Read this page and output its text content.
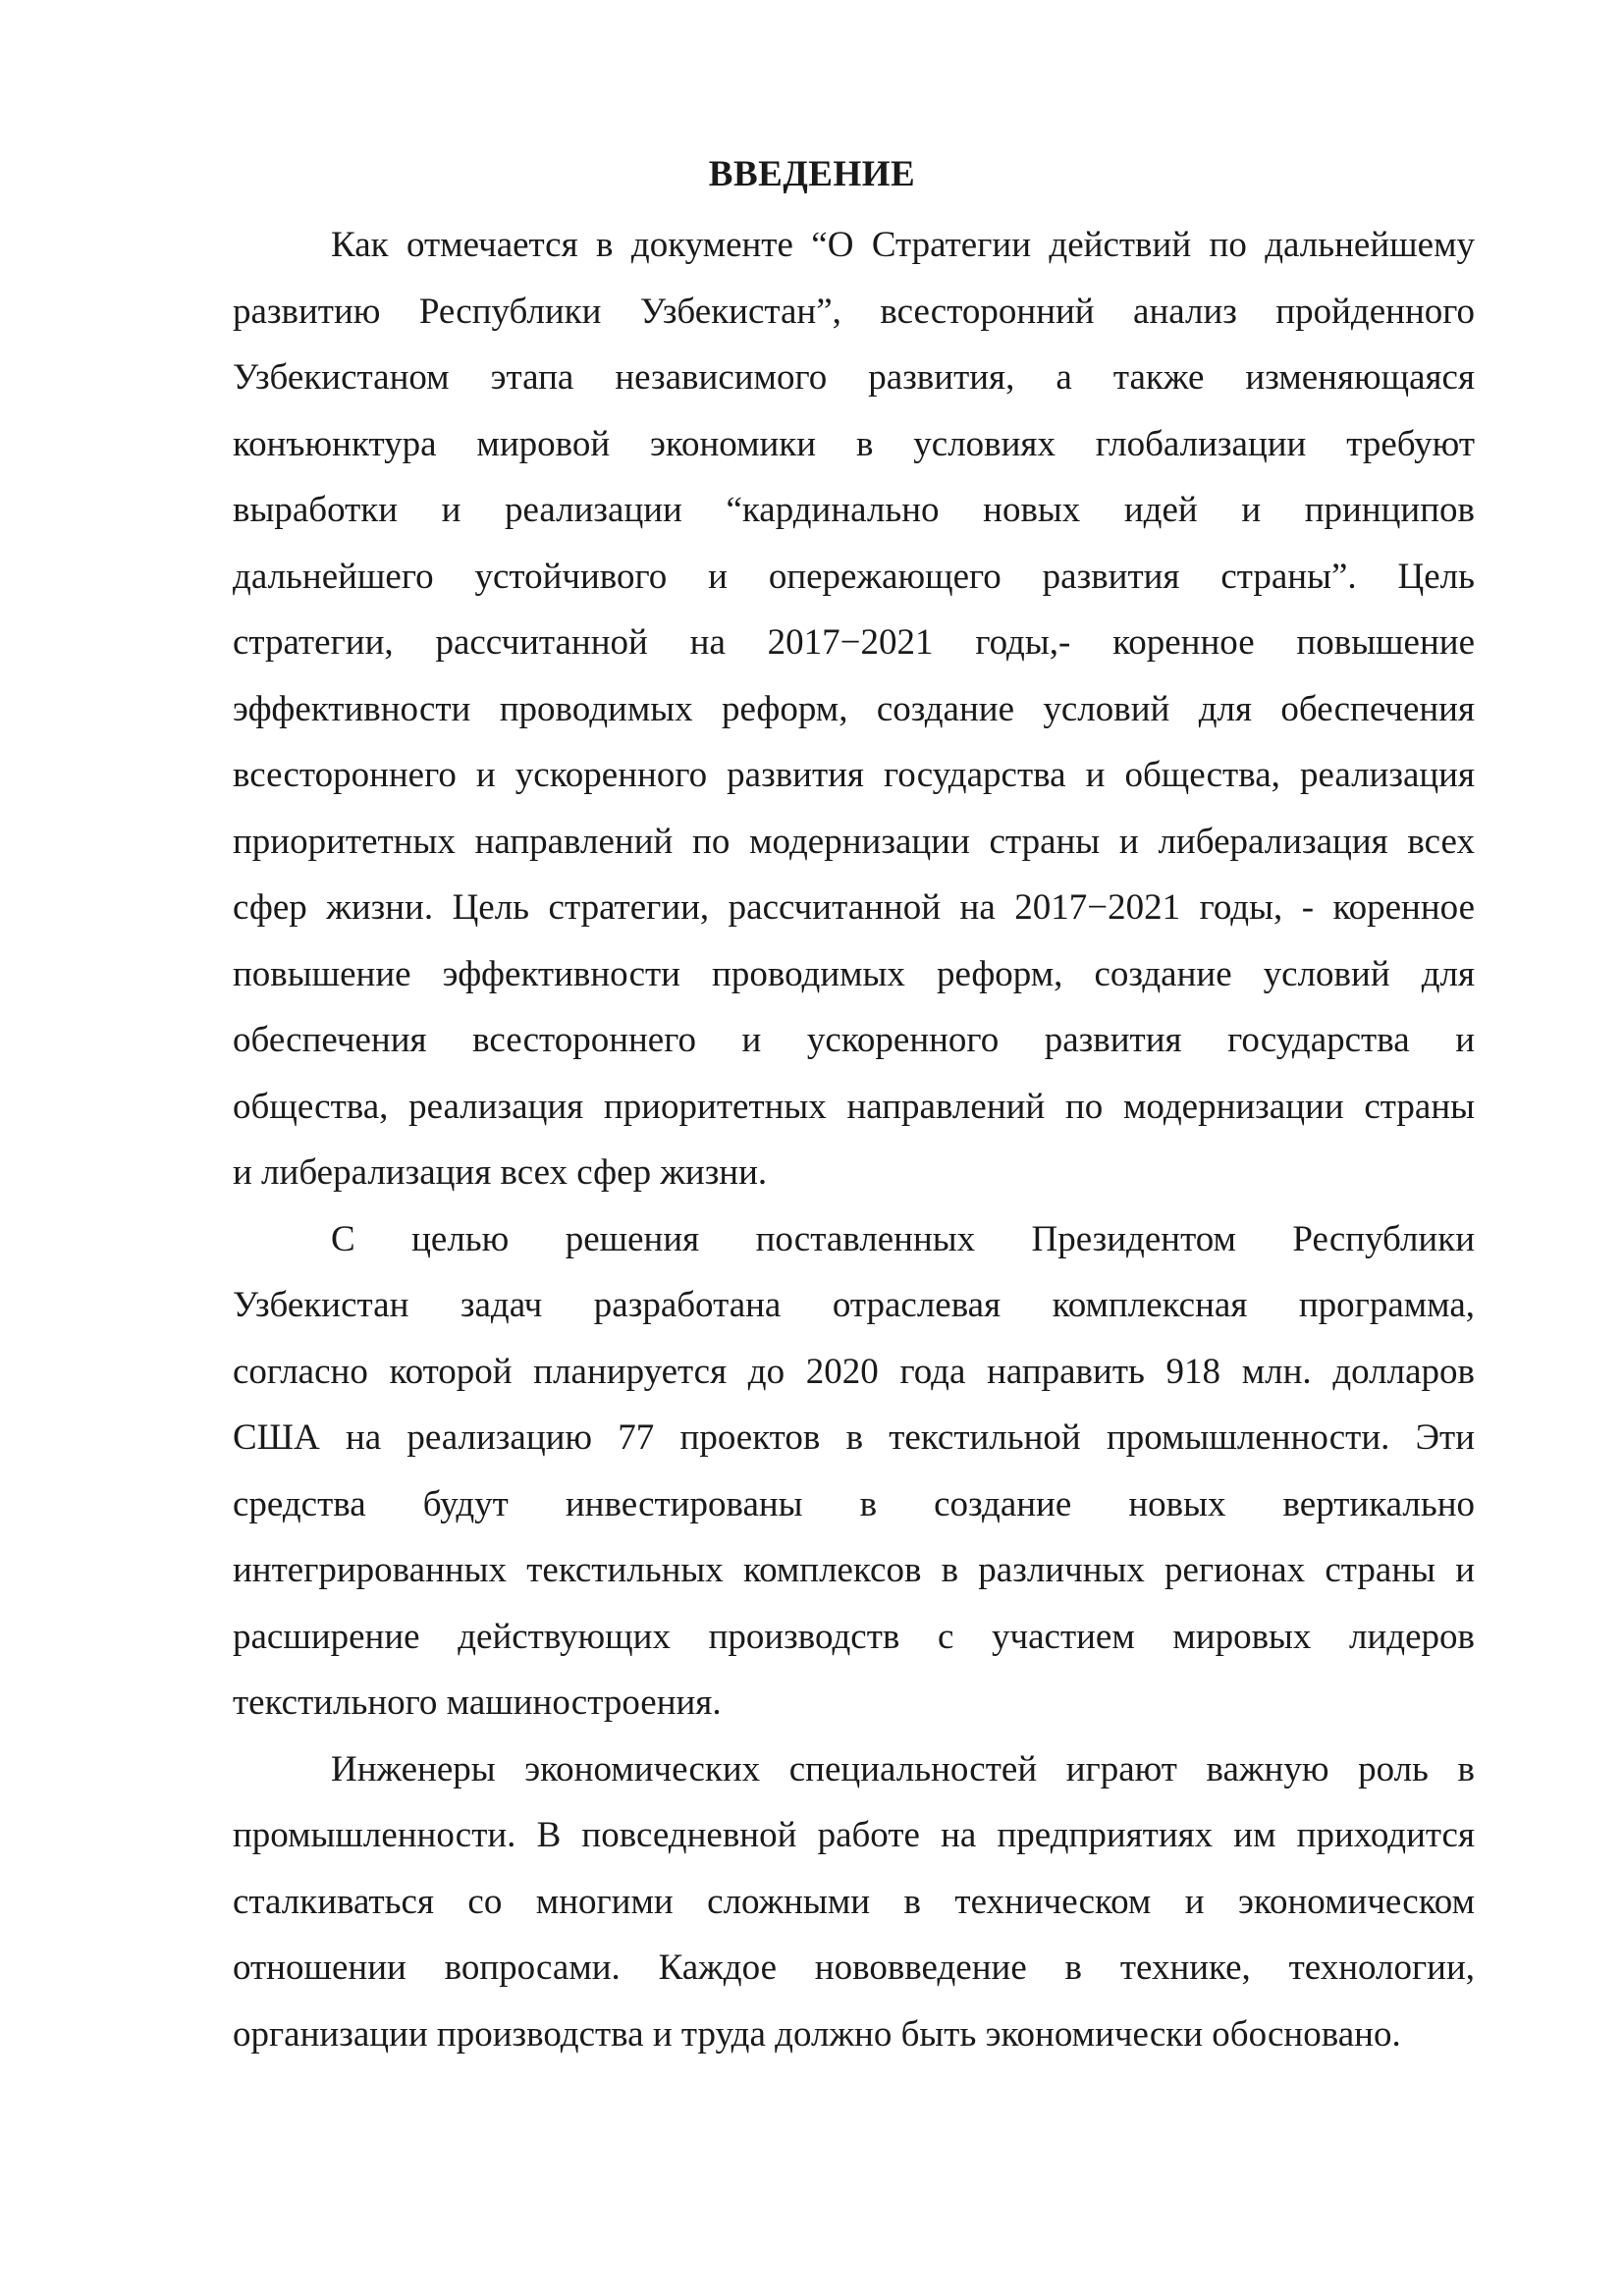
ВВЕДЕНИЕ
Как отмечается в документе “О Стратегии действий по дальнейшему
развитию Республики Узбекистан”, всесторонний анализ пройденного
Узбекистаном этапа независимого развития, а также изменяющаяся
конъюнктура мировой экономики в условиях глобализации требуют
выработки и реализации “кардинально новых идей и принципов
дальнейшего устойчивого и опережающего развития страны”. Цель
стратегии, рассчитанной на 2017−2021 годы,- коренное повышение
эффективности проводимых реформ, создание условий для обеспечения
всестороннего и ускоренного развития государства и общества, реализация
приоритетных направлений по модернизации страны и либерализация всех
сфер жизни. Цель стратегии, рассчитанной на 2017−2021 годы, - коренное
повышение эффективности проводимых реформ, создание условий для
обеспечения всестороннего и ускоренного развития государства и
общества, реализация приоритетных направлений по модернизации страны
и либерализация всех сфер жизни.
С целью решения поставленных Президентом Республики
Узбекистан задач разработана отраслевая комплексная программа,
согласно которой планируется до 2020 года направить 918 млн. долларов
США на реализацию 77 проектов в текстильной промышленности. Эти
средства будут инвестированы в создание новых вертикально
интегрированных текстильных комплексов в различных регионах страны и
расширение действующих производств с участием мировых лидеров
текстильного машиностроения.
Инженеры экономических специальностей играют важную роль в
промышленности. В повседневной работе на предприятиях им приходится
сталкиваться со многими сложными в техническом и экономическом
отношении вопросами. Каждое нововведение в технике, технологии,
организации производства и труда должно быть экономически обосновано.
